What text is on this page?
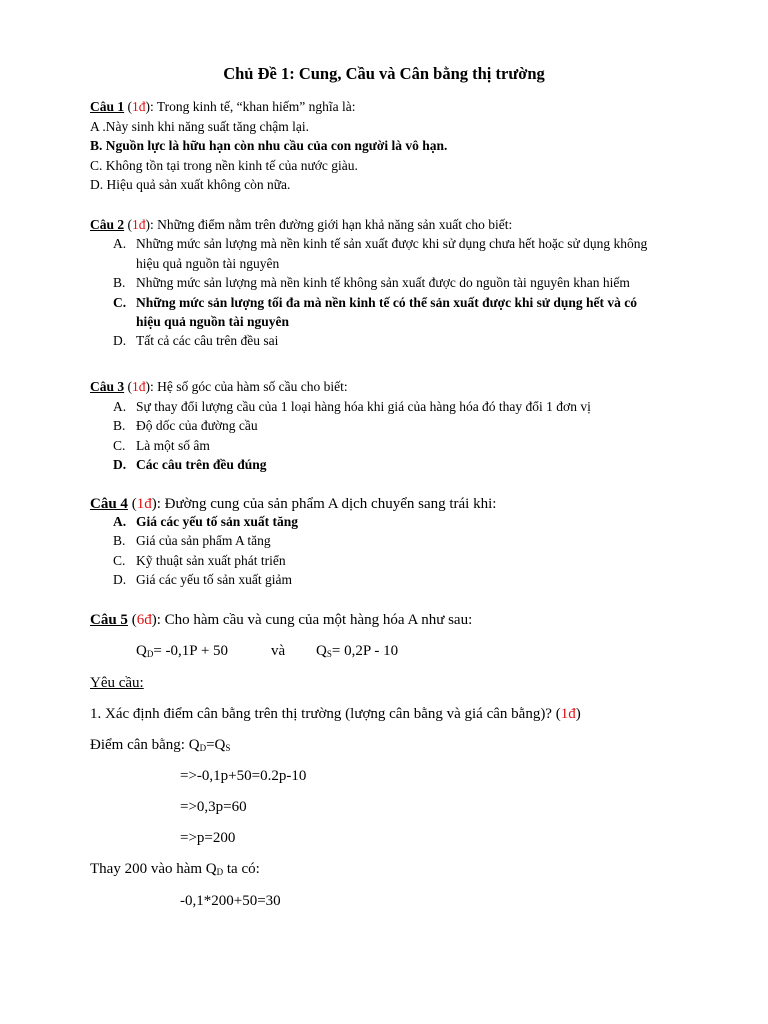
Chủ Đề 1: Cung, Cầu và Cân bằng thị trường
Câu 1 (1đ): Trong kinh tế, “khan hiếm” nghĩa là:
A .Này sinh khi năng suất tăng chậm lại.
B. Nguồn lực là hữu hạn còn nhu cầu của con người là vô hạn.
C. Không tồn tại trong nền kinh tế của nước giàu.
D. Hiệu quả sản xuất không còn nữa.
Câu 2 (1đ): Những điểm nằm trên đường giới hạn khả năng sản xuất cho biết:
A. Những mức sản lượng mà nền kinh tế sản xuất được khi sử dụng chưa hết hoặc sử dụng không
hiệu quả nguồn tài nguyên
B. Những mức sản lượng mà nền kinh tế không sản xuất được do nguồn tài nguyên khan hiếm
C. Những mức sản lượng tối đa mà nền kinh tế có thể sản xuất được khi sử dụng hết và có
hiệu quả nguồn tài nguyên
D. Tất cả các câu trên đều sai
Câu 3 (1đ): Hệ số góc của hàm số cầu cho biết:
A. Sự thay đổi lượng cầu của 1 loại hàng hóa khi giá của hàng hóa đó thay đổi 1 đơn vị
B. Độ dốc của đường cầu
C. Là một số âm
D. Các câu trên đều đúng
Câu 4 (1đ): Đường cung của sản phẩm A dịch chuyển sang trái khi:
A. Giá các yếu tố sản xuất tăng
B. Giá của sản phẩm A tăng
C. Kỹ thuật sản xuất phát triển
D. Giá các yếu tố sản xuất giảm
Câu 5 (6đ): Cho hàm cầu và cung của một hàng hóa A như sau:
$Q_D= -0,1P + 50$	và $Q_S= 0,2P - 10$
Yêu cầu:
1. Xác định điểm cân bằng trên thị trường (lượng cân bằng và giá cân bằng)? (1đ)
Điểm cân bằng: $Q_D=Q_S$
=>-0,1p+50=0.2p-10
=>0,3p=60
=>p=200
Thay 200 vào hàm $Q_D$ ta có:
-0,1*200+50=30
